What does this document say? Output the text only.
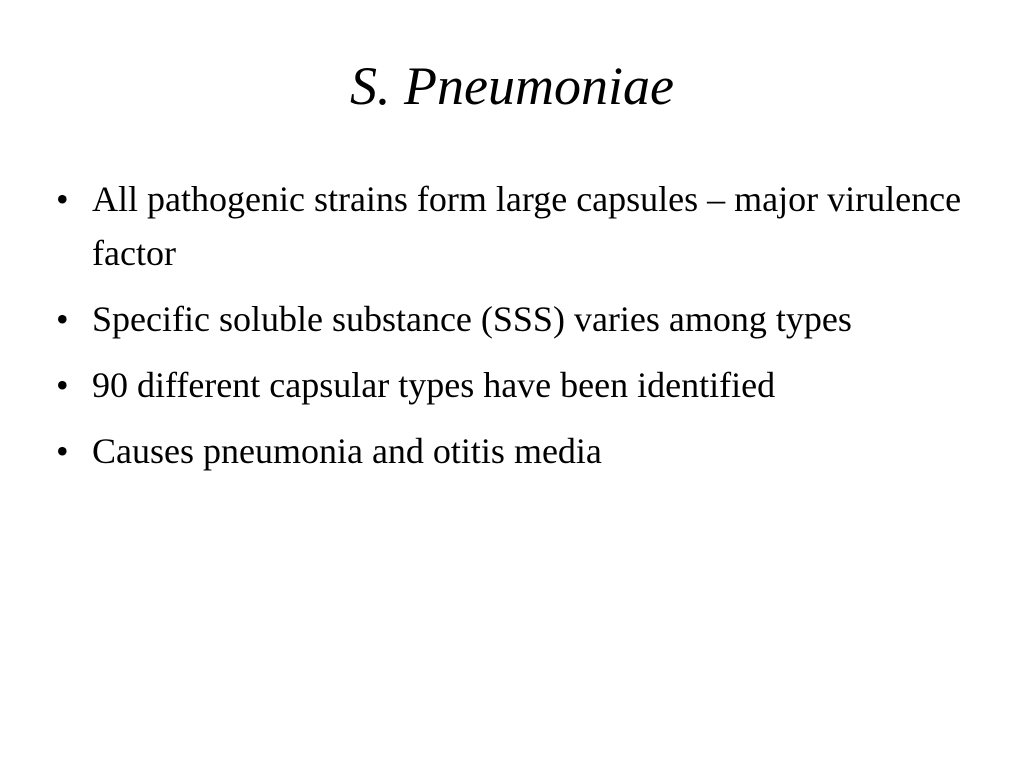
S. Pneumoniae
• All pathogenic strains form large capsules – major virulence factor
• Specific soluble substance (SSS) varies among types
• 90 different capsular types have been identified
• Causes pneumonia and otitis media
